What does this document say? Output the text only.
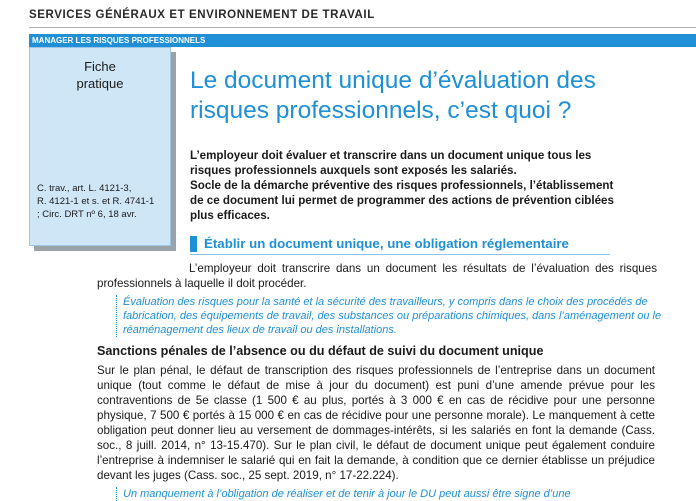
SERVICES GÉNÉRAUX ET ENVIRONNEMENT DE TRAVAIL
MANAGER LES RISQUES PROFESSIONNELS
Fiche
pratique
C. trav., art. L. 4121-3,
R. 4121-1 et s. et R. 4741-1
; Circ. DRT nº 6, 18 avr.
Le document unique d’évaluation des risques professionnels, c’est quoi ?

L’employeur doit évaluer et transcrire dans un document unique tous les risques professionnels auxquels sont exposés les salariés.

Socle de la démarche préventive des risques professionnels, l’établissement de ce document lui permet de programmer des actions de prévention ciblées plus efficaces.

Établir un document unique, une obligation réglementaire
L’employeur doit transcrire dans un document les résultats de l’évaluation des risques professionnels à laquelle il doit procéder.
Évaluation des risques pour la santé et la sécurité des travailleurs, y compris dans le choix des procédés de fabrication, des équipements de travail, des substances ou préparations chimiques, dans l’aménagement ou le réaménagement des lieux de travail ou des installations.
Sanctions pénales de l’absence ou du défaut de suivi du document unique
Sur le plan pénal, le défaut de transcription des risques professionnels de l’entreprise dans un document unique (tout comme le défaut de mise à jour du document) est puni d’une amende prévue pour les contraventions de 5e classe (1 500 € au plus, portés à 3 000 € en cas de récidive pour une personne physique, 7 500 € portés à 15 000 € en cas de récidive pour une personne morale). Le manquement à cette obligation peut donner lieu au versement de dommages-intérêts, si les salariés en font la demande (Cass. soc., 8 juill. 2014, n° 13-15.470). Sur le plan civil, le défaut de document unique peut également conduire l’entreprise à indemniser le salarié qui en fait la demande, à condition que ce dernier établisse un préjudice devant les juges (Cass. soc., 25 sept. 2019, n° 17-22.224).
Un manquement à l’obligation de réaliser et de tenir à jour le DU peut aussi être signe d’une
